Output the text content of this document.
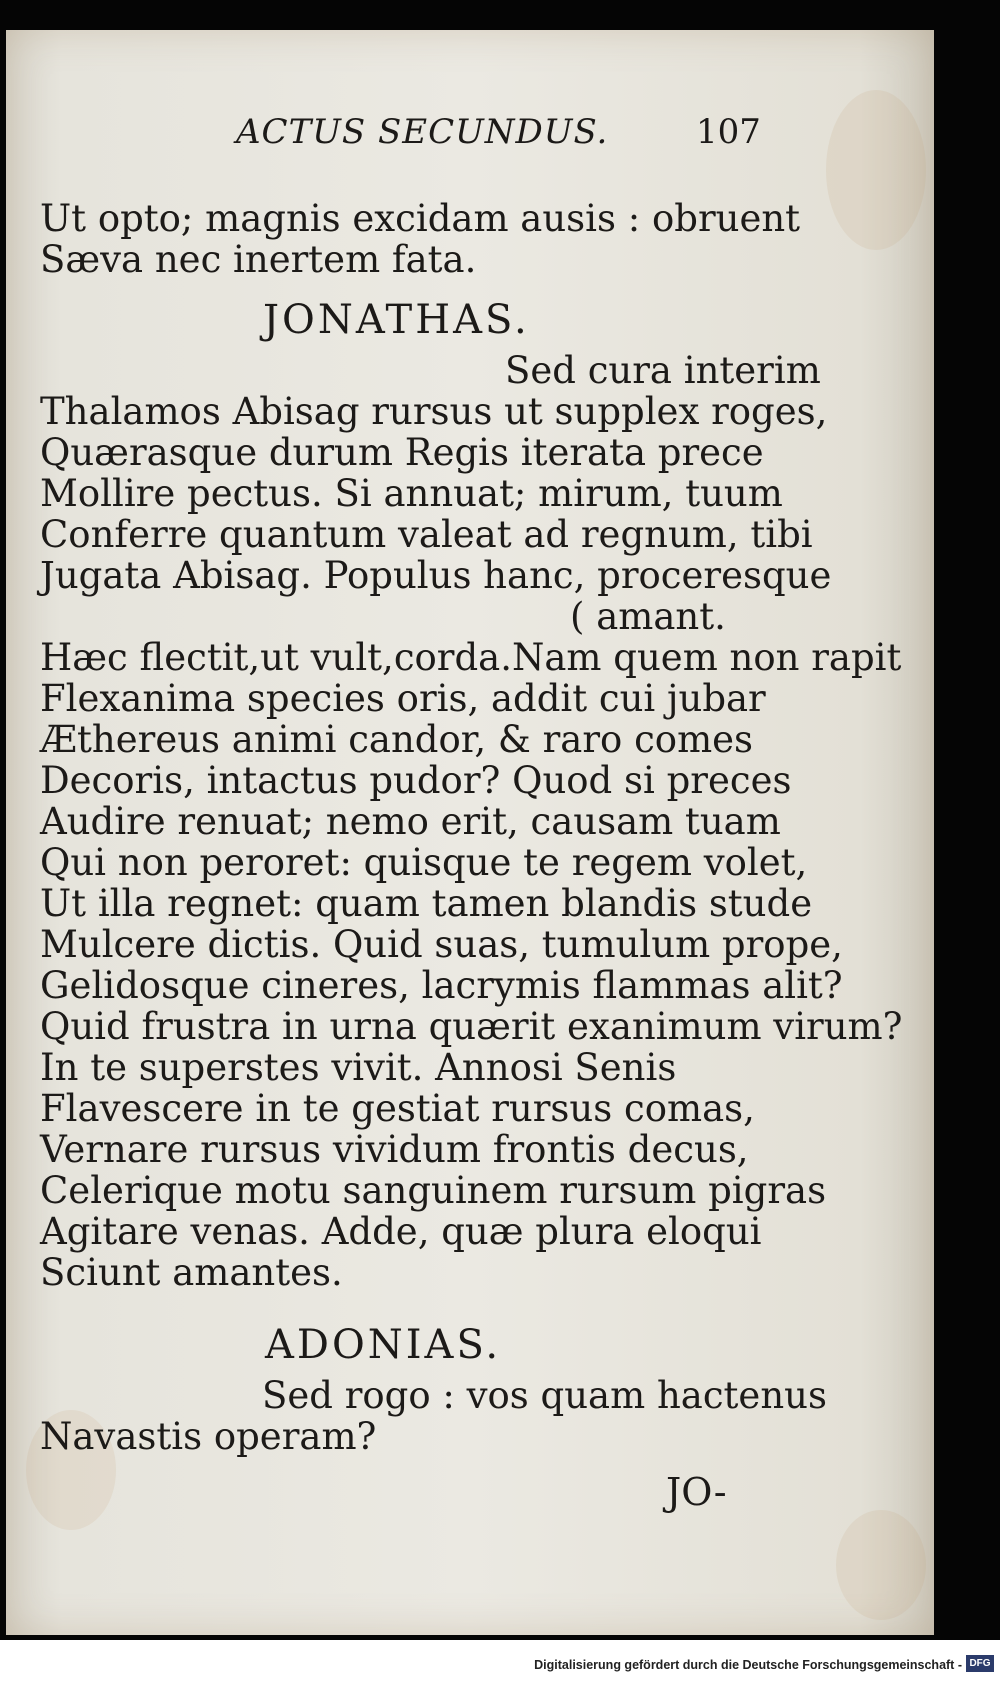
ACTUS SECUNDUS.	107
Ut opto; magnis excidam ausis : obruent
Sæva nec inertem fata.
JONATHAS.
Sed cura interim
Thalamos Abisag rursus ut supplex roges,
Quærasque durum Regis iterata prece
Mollire pectus. Si annuat; mirum, tuum
Conferre quantum valeat ad regnum, tibi
Jugata Abisag. Populus hanc, proceresque
( amant.
Hæc flectit,ut vult,corda.Nam quem non rapit
Flexanima species oris, addit cui jubar
Æthereus animi candor, & raro comes
Decoris, intactus pudor? Quod si preces
Audire renuat; nemo erit, causam tuam
Qui non peroret: quisque te regem volet,
Ut illa regnet: quam tamen blandis stude
Mulcere dictis. Quid suas, tumulum prope,
Gelidosque cineres, lacrymis flammas alit?
Quid frustra in urna quærit exanimum virum?
In te superstes vivit. Annosi Senis
Flavescere in te gestiat rursus comas,
Vernare rursus vividum frontis decus,
Celerique motu sanguinem rursum pigras
Agitare venas. Adde, quæ plura eloqui
Sciunt amantes.
ADONIAS.
Sed rogo : vos quam hactenus
Navastis operam?
JO-
Digitalisierung gefördert durch die Deutsche Forschungsgemeinschaft - DFG
